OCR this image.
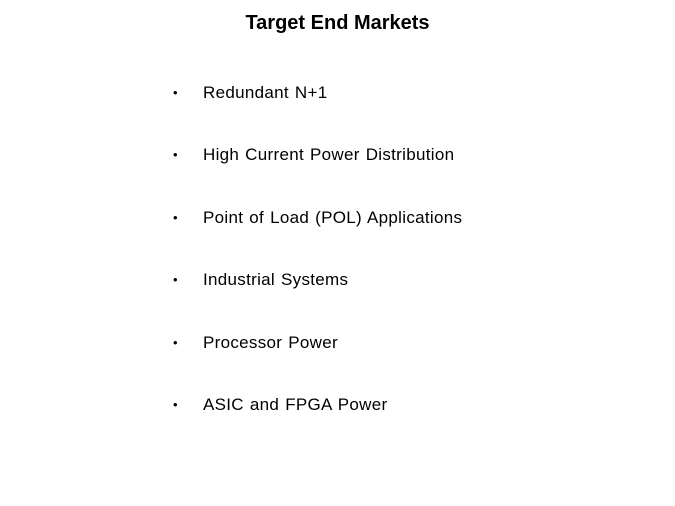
Target End Markets
•	Redundant N+1
•	High Current Power Distribution
•	Point of Load (POL) Applications
•	Industrial Systems
•	Processor Power
•	ASIC and FPGA Power
